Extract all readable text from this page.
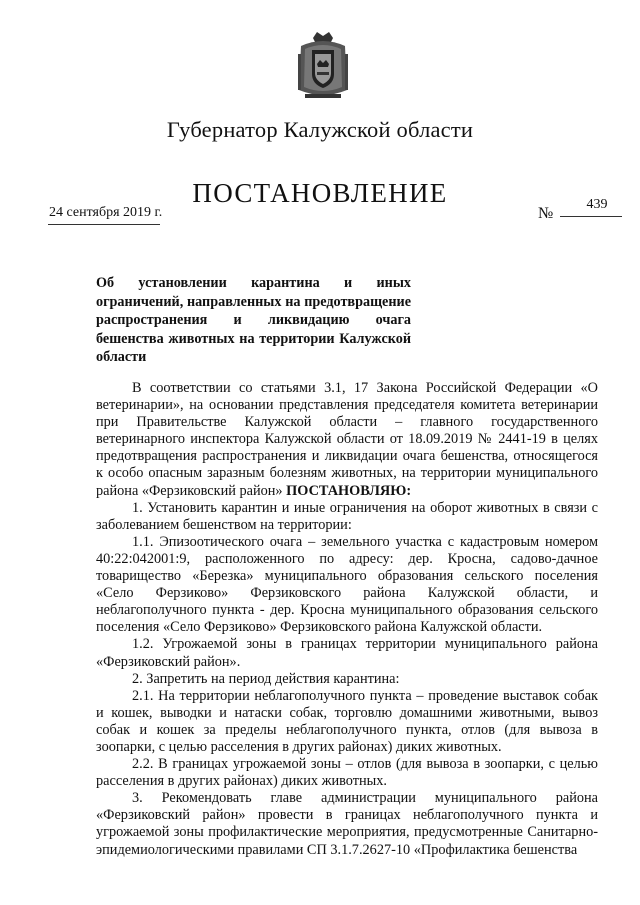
Губернатор Калужской области
ПОСТАНОВЛЕНИЕ
24 сентября 2019 г.	№
439
Об установлении карантина и иных ограничений, направленных на предотвращение распространения и ликвидацию очага бешенства животных на территории Калужской области

В соответствии со статьями 3.1, 17 Закона Российской Федерации «О ветеринарии», на основании представления председателя комитета ветеринарии при Правительстве Калужской области – главного государственного ветеринарного инспектора Калужской области от 18.09.2019 № 2441-19 в целях предотвращения распространения и ликвидации очага бешенства, относящегося к особо опасным заразным болезням животных, на территории муниципального района «Ферзиковский район» ПОСТАНОВЛЯЮ:

1. Установить карантин и иные ограничения на оборот животных в связи с заболеванием бешенством на территории:

1.1. Эпизоотического очага – земельного участка с кадастровым номером 40:22:042001:9, расположенного по адресу: дер. Кросна, садово-дачное товарищество «Березка» муниципального образования сельского поселения «Село Ферзиково» Ферзиковского района Калужской области, и неблагополучного пункта - дер. Кросна муниципального образования сельского поселения «Село Ферзиково» Ферзиковского района Калужской области.

1.2. Угрожаемой зоны в границах территории муниципального района «Ферзиковский район».

2. Запретить на период действия карантина:

2.1. На территории неблагополучного пункта – проведение выставок собак и кошек, выводки и натаски собак, торговлю домашними животными, вывоз собак и кошек за пределы неблагополучного пункта, отлов (для вывоза в зоопарки, с целью расселения в других районах) диких животных.

2.2. В границах угрожаемой зоны – отлов (для вывоза в зоопарки, с целью расселения в других районах) диких животных.

3. Рекомендовать главе администрации муниципального района «Ферзиковский район» провести в границах неблагополучного пункта и угрожаемой зоны профилактические мероприятия, предусмотренные Санитарно-эпидемиологическими правилами СП 3.1.7.2627-10 «Профилактика бешенства
